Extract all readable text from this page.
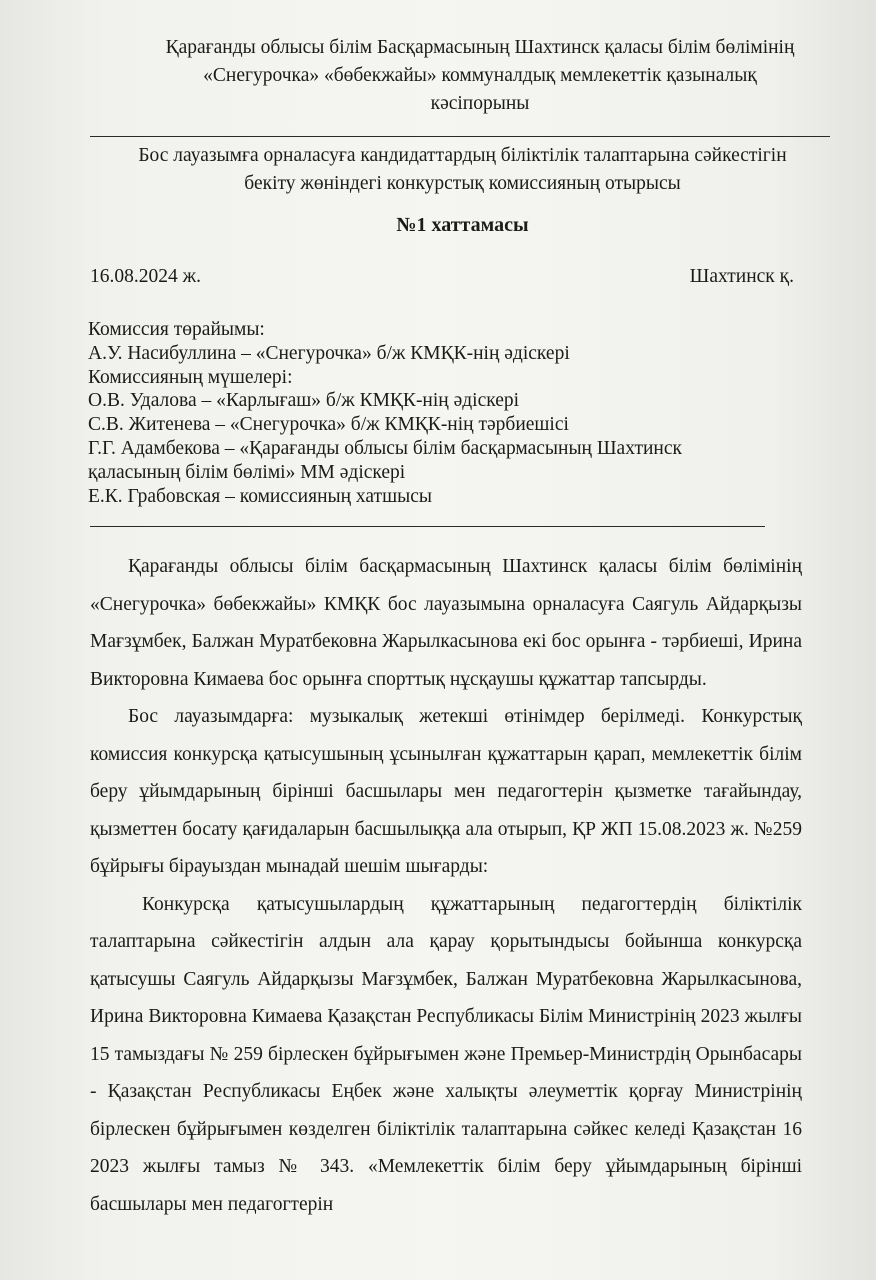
Қарағанды облысы білім Басқармасының Шахтинск қаласы білім бөлімінің
«Снегурочка» «бөбекжайы» коммуналдық мемлекеттік қазыналық
кәсіпорыны
Бос лауазымға орналасуға кандидаттардың біліктілік талаптарына сәйкестігін
бекіту жөніндегі конкурстық комиссияның отырысы
№1 хаттамасы
16.08.2024 ж.	Шахтинск қ.
Комиссия төрайымы:
А.У. Насибуллина – «Снегурочка» б/ж КМҚК-нің әдіскері
Комиссияның мүшелері:
О.В. Удалова – «Карлығаш» б/ж КМҚК-нің әдіскері
С.В. Житенева – «Снегурочка» б/ж КМҚК-нің тәрбиешісі
Г.Г. Адамбекова – «Қарағанды облысы білім басқармасының Шахтинск
қаласының білім бөлімі» ММ әдіскері
Е.К. Грабовская – комиссияның хатшысы

Қарағанды облысы білім басқармасының Шахтинск қаласы білім бөлімінің «Снегурочка» бөбекжайы» КМҚК бос лауазымына орналасуға Саягуль Айдарқызы Мағзұмбек, Балжан Муратбековна Жарылкасынова екі бос орынға - тәрбиеші, Ирина Викторовна Кимаева бос орынға спорттық нұсқаушы құжаттар тапсырды.

Бос лауазымдарға: музыкалық жетекші өтінімдер берілмеді. Конкурстық комиссия конкурсқа қатысушының ұсынылған құжаттарын қарап, мемлекеттік білім беру ұйымдарының бірінші басшылары мен педагогтерін қызметке тағайындау, қызметтен босату қағидаларын басшылыққа ала отырып, ҚР ЖП 15.08.2023 ж. №259 бұйрығы бірауыздан мынадай шешім шығарды:

Конкурсқа қатысушылардың құжаттарының педагогтердің біліктілік талаптарына сәйкестігін алдын ала қарау қорытындысы бойынша конкурсқа қатысушы Саягуль Айдарқызы Мағзұмбек, Балжан Муратбековна Жарылкасынова, Ирина Викторовна Кимаева Қазақстан Республикасы Білім Министрінің 2023 жылғы 15 тамыздағы № 259 бірлескен бұйрығымен және Премьер-Министрдің Орынбасары - Қазақстан Республикасы Еңбек және халықты әлеуметтік қорғау Министрінің бірлескен бұйрығымен көзделген біліктілік талаптарына сәйкес келеді Қазақстан 16 2023 жылғы тамыз № 343. «Мемлекеттік білім беру ұйымдарының бірінші басшылары мен педагогтерін
